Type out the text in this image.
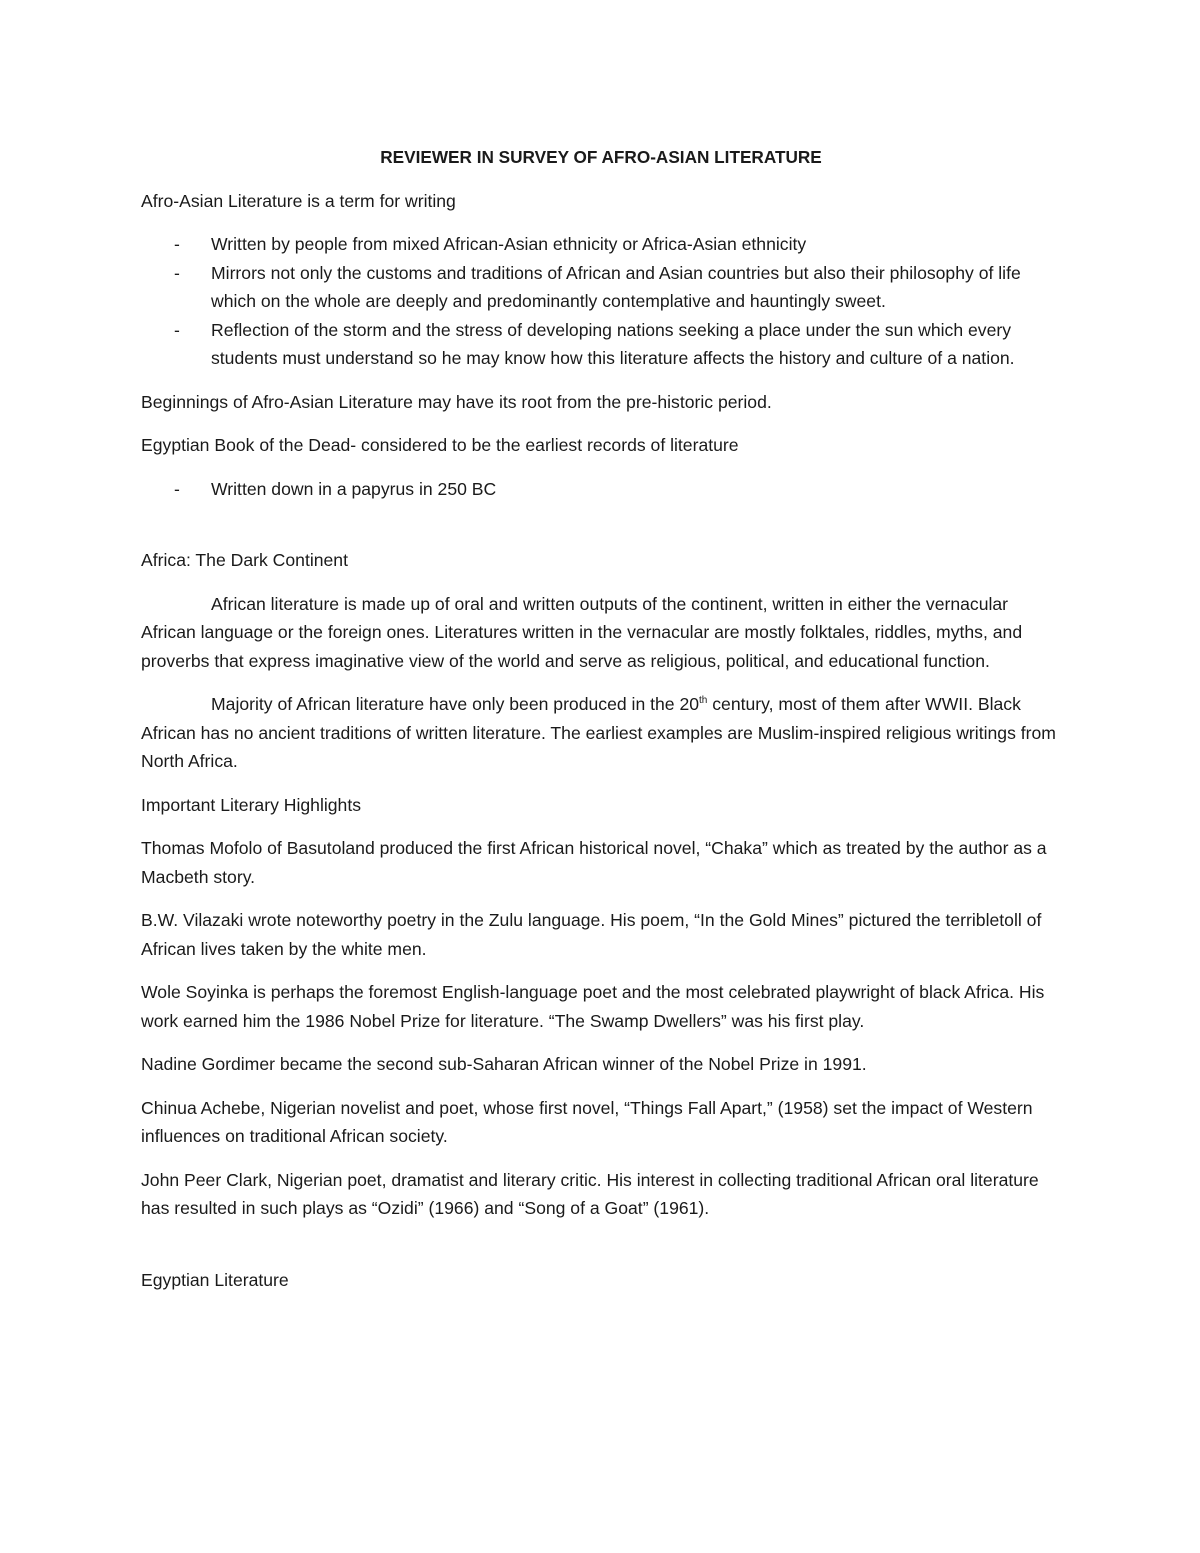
REVIEWER IN SURVEY OF AFRO-ASIAN LITERATURE

Afro-Asian Literature is a term for writing

- Written by people from mixed African-Asian ethnicity or Africa-Asian ethnicity
- Mirrors not only the customs and traditions of African and Asian countries but also their philosophy of life which on the whole are deeply and predominantly contemplative and hauntingly sweet.
- Reflection of the storm and the stress of developing nations seeking a place under the sun which every students must understand so he may know how this literature affects the history and culture of a nation.

Beginnings of Afro-Asian Literature may have its root from the pre-historic period.

Egyptian Book of the Dead- considered to be the earliest records of literature

- Written down in a papyrus in 250 BC

Africa: The Dark Continent

African literature is made up of oral and written outputs of the continent, written in either the vernacular African language or the foreign ones. Literatures written in the vernacular are mostly folktales, riddles, myths, and proverbs that express imaginative view of the world and serve as religious, political, and educational function.

Majority of African literature have only been produced in the 20th century, most of them after WWII. Black African has no ancient traditions of written literature. The earliest examples are Muslim-inspired religious writings from North Africa.

Important Literary Highlights

Thomas Mofolo of Basutoland produced the first African historical novel, “Chaka” which as treated by the author as a Macbeth story.

B.W. Vilazaki wrote noteworthy poetry in the Zulu language. His poem, “In the Gold Mines” pictured the terribletoll of African lives taken by the white men.

Wole Soyinka is perhaps the foremost English-language poet and the most celebrated playwright of black Africa. His work earned him the 1986 Nobel Prize for literature. “The Swamp Dwellers” was his first play.

Nadine Gordimer became the second sub-Saharan African winner of the Nobel Prize in 1991.

Chinua Achebe, Nigerian novelist and poet, whose first novel, “Things Fall Apart,” (1958) set the impact of Western influences on traditional African society.

John Peer Clark, Nigerian poet, dramatist and literary critic. His interest in collecting traditional African oral literature has resulted in such plays as “Ozidi” (1966) and “Song of a Goat” (1961).

Egyptian Literature
